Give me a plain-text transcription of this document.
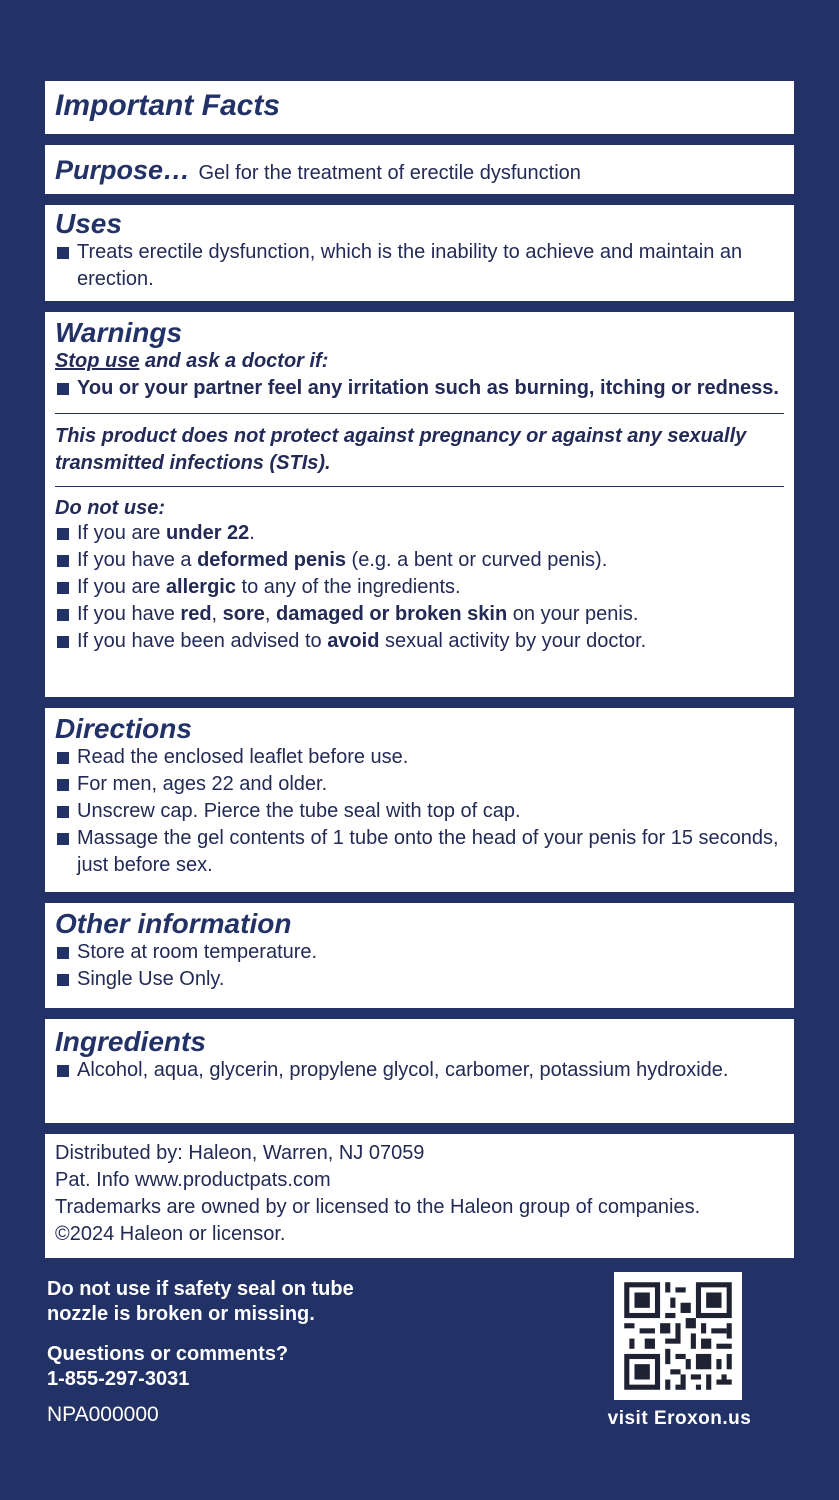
Important Facts
Purpose… Gel for the treatment of erectile dysfunction
Uses
Treats erectile dysfunction, which is the inability to achieve and maintain an erection.
Warnings
Stop use and ask a doctor if:
You or your partner feel any irritation such as burning, itching or redness.
This product does not protect against pregnancy or against any sexually transmitted infections (STIs).
Do not use:
If you are under 22.
If you have a deformed penis (e.g. a bent or curved penis).
If you are allergic to any of the ingredients.
If you have red, sore, damaged or broken skin on your penis.
If you have been advised to avoid sexual activity by your doctor.
Directions
Read the enclosed leaflet before use.
For men, ages 22 and older.
Unscrew cap. Pierce the tube seal with top of cap.
Massage the gel contents of 1 tube onto the head of your penis for 15 seconds, just before sex.
Other information
Store at room temperature.
Single Use Only.
Ingredients
Alcohol, aqua, glycerin, propylene glycol, carbomer, potassium hydroxide.
Distributed by: Haleon, Warren, NJ 07059
Pat. Info www.productpats.com
Trademarks are owned by or licensed to the Haleon group of companies.
©2024 Haleon or licensor.
Do not use if safety seal on tube nozzle is broken or missing.
Questions or comments?
1-855-297-3031
NPA000000	visit Eroxon.us
